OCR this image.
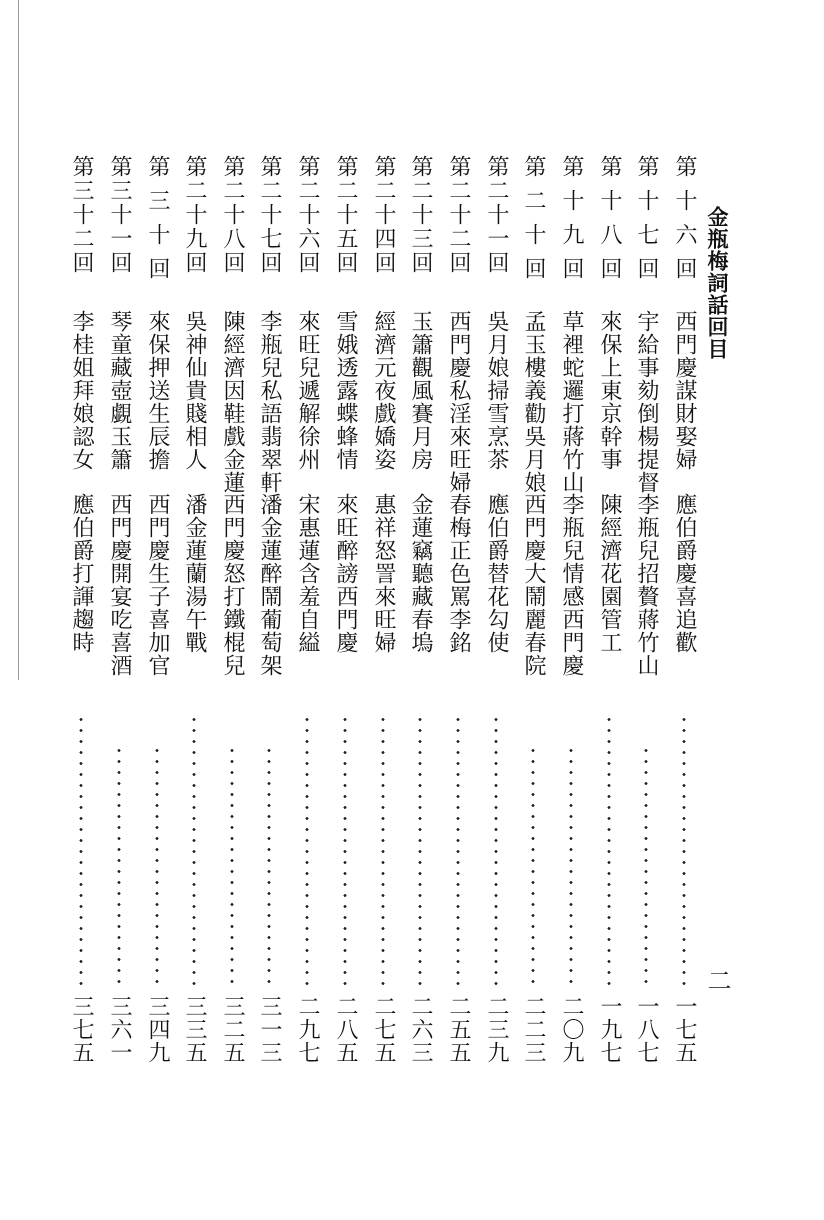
金瓶梅詞話回目
二
第十六回
西門慶謀財娶婦
應伯爵慶喜追歡
一七五
第十七回
宇給事劾倒楊提督
李瓶兒招贅蔣竹山
一八七
第十八回
來保上東京幹事
陳經濟花園管工
一九七
第十九回
草裡蛇邏打蔣竹山
李瓶兒情感西門慶
二〇九
第二十回
孟玉樓義勸吳月娘
西門慶大鬧麗春院
二二三
第二十一回
吳月娘掃雪烹茶
應伯爵替花勾使
二三九
第二十二回
西門慶私淫來旺婦
春梅正色罵李銘
二五五
第二十三回
玉簫觀風賽月房
金蓮竊聽藏春塢
二六三
第二十四回
經濟元夜戲嬌姿
惠祥怒詈來旺婦
二七五
第二十五回
雪娥透露蝶蜂情
來旺醉謗西門慶
二八五
第二十六回
來旺兒遞解徐州
宋惠蓮含羞自縊
二九七
第二十七回
李瓶兒私語翡翠軒
潘金蓮醉鬧葡萄架
三一三
第二十八回
陳經濟因鞋戲金蓮
西門慶怒打鐵棍兒
三二五
第二十九回
吳神仙貴賤相人
潘金蓮蘭湯午戰
三三五
第三十回
來保押送生辰擔
西門慶生子喜加官
三四九
第三十一回
琴童藏壺覷玉簫
西門慶開宴吃喜酒
三六一
第三十二回
李桂姐拜娘認女
應伯爵打諢趨時
三七五
